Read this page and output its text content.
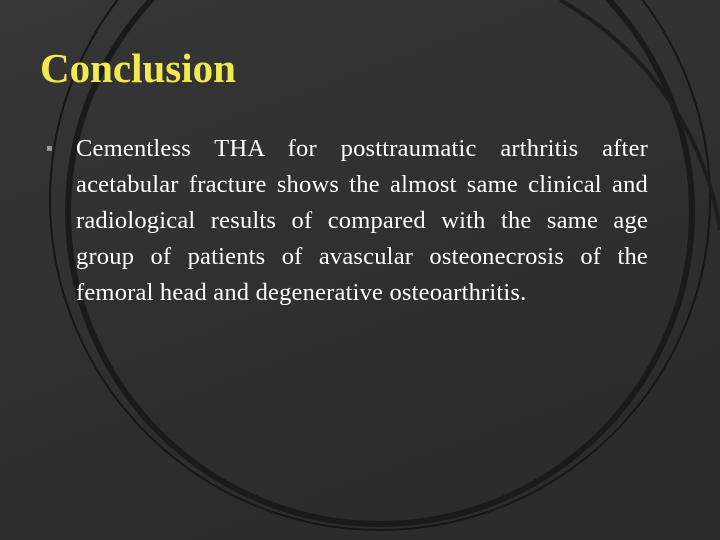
Conclusion
▪ Cementless THA for posttraumatic arthritis after acetabular fracture shows the almost same clinical and radiological results of compared with the same age group of patients of avascular osteonecrosis of the femoral head and degenerative osteoarthritis.
